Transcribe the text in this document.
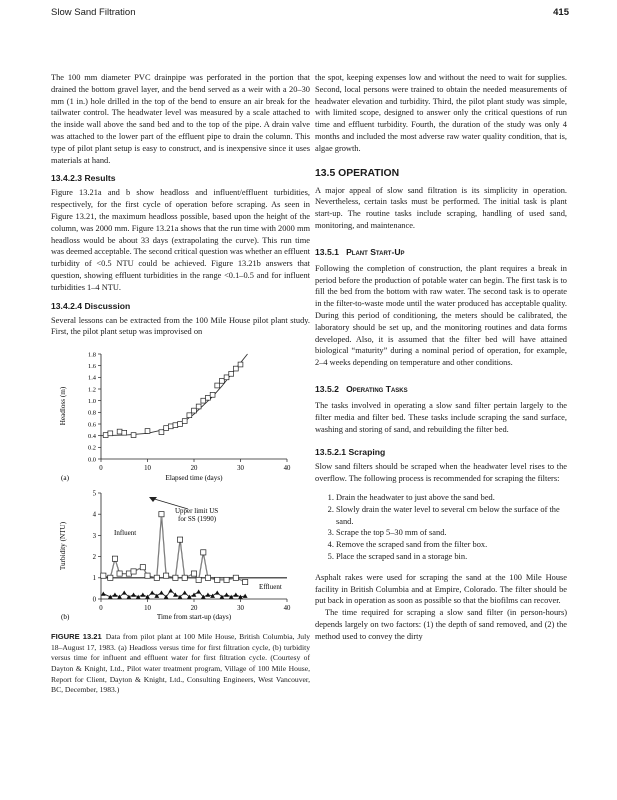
Slow Sand Filtration	415

The 100 mm diameter PVC drainpipe was perforated in the portion that drained the bottom gravel layer, and the bend served as a weir with a 20–30 mm (1 in.) hole drilled in the top of the bend to ensure an air break for the tailwater control. The headwater level was measured by a scale attached to the inside wall above the sand bed and to the top of the pipe. A drain valve was attached to the lower part of the effluent pipe to drain the column. This type of pilot plant setup is easy to construct, and is inexpensive since it uses materials at hand.

13.4.2.3 Results

Figure 13.21a and b show headloss and influent/effluent turbidities, respectively, for the first cycle of operation before scraping. As seen in Figure 13.21, the maximum headloss possible, based upon the height of the column, was 2000 mm. Figure 13.21a shows that the run time with 2000 mm headloss would be about 33 days (extrapolating the curve). This run time was deemed acceptable. The second critical question was whether an effluent turbidity of <0.5 NTU could be achieved. Figure 13.21b answers that question, showing effluent turbidities in the range <0.1–0.5 and for influent turbidities 1–4 NTU.

13.4.2.4 Discussion

Several lessons can be extracted from the 100 Mile House pilot plant study. First, the pilot plant setup was improvised on

0.0
0.2
0.4
0.6
0.8
1.0
1.2
1.4
1.6
1.8
0	10	20	30	40
Headloss (m)
Elapsed time (days)
(a)

0
1
2
3
4
5
0	10	20	30	40
Upper limit US for SS (1990)
Influent
Effluent
Turbidity (NTU)
Time from start-up (days)
(b)

FIGURE 13.21 Data from pilot plant at 100 Mile House, British Columbia, July 18–August 17, 1983. (a) Headloss versus time for first filtration cycle, (b) turbidity versus time for influent and effluent water for first filtration cycle. (Courtesy of Dayton & Knight, Ltd., Pilot water treatment program, Village of 100 Mile House, Report for Client, Dayton & Knight, Ltd., Consulting Engineers, West Vancouver, BC, December, 1983.)

the spot, keeping expenses low and without the need to wait for supplies. Second, local persons were trained to obtain the needed measurements of headwater elevation and turbidity. Third, the pilot plant study was simple, with limited scope, designed to answer only the critical questions of run time and effluent turbidity. Fourth, the duration of the study was only 4 months and included the most adverse raw water quality condition, that is, algae growth.

13.5 OPERATION

A major appeal of slow sand filtration is its simplicity in operation. Nevertheless, certain tasks must be performed. The initial task is plant start-up. The routine tasks include scraping, handling of used sand, monitoring, and maintenance.

13.5.1 Plant Start-Up

Following the completion of construction, the plant requires a break in period before the production of potable water can begin. The first task is to fill the bed from the bottom with raw water. The second task is to operate in the filter-to-waste mode until the water produced has acceptable quality. During this period of conditioning, the meters should be calibrated, the laboratory should be set up, and the monitoring routines and data forms developed. Also, it is assumed that the filter bed will have attained biological “maturity” during a nominal period of operation, for example, 2–4 weeks depending on temperature and other conditions.

13.5.2 Operating Tasks

The tasks involved in operating a slow sand filter pertain largely to the filter media and filter bed. These tasks include scraping the sand surface, washing and storing of sand, and rebuilding the filter bed.

13.5.2.1 Scraping

Slow sand filters should be scraped when the headwater level rises to the overflow. The following process is recommended for scraping the filters:

1. Drain the headwater to just above the sand bed.
2. Slowly drain the water level to several cm below the surface of the sand.
3. Scrape the top 5–30 mm of sand.
4. Remove the scraped sand from the filter box.
5. Place the scraped sand in a storage bin.

Asphalt rakes were used for scraping the sand at the 100 Mile House facility in British Columbia and at Empire, Colorado. The filter should be put back in operation as soon as possible so that the biofilms can recover.

The time required for scraping a slow sand filter (in person-hours) depends largely on two factors: (1) the depth of sand removed, and (2) the method used to convey the dirty
